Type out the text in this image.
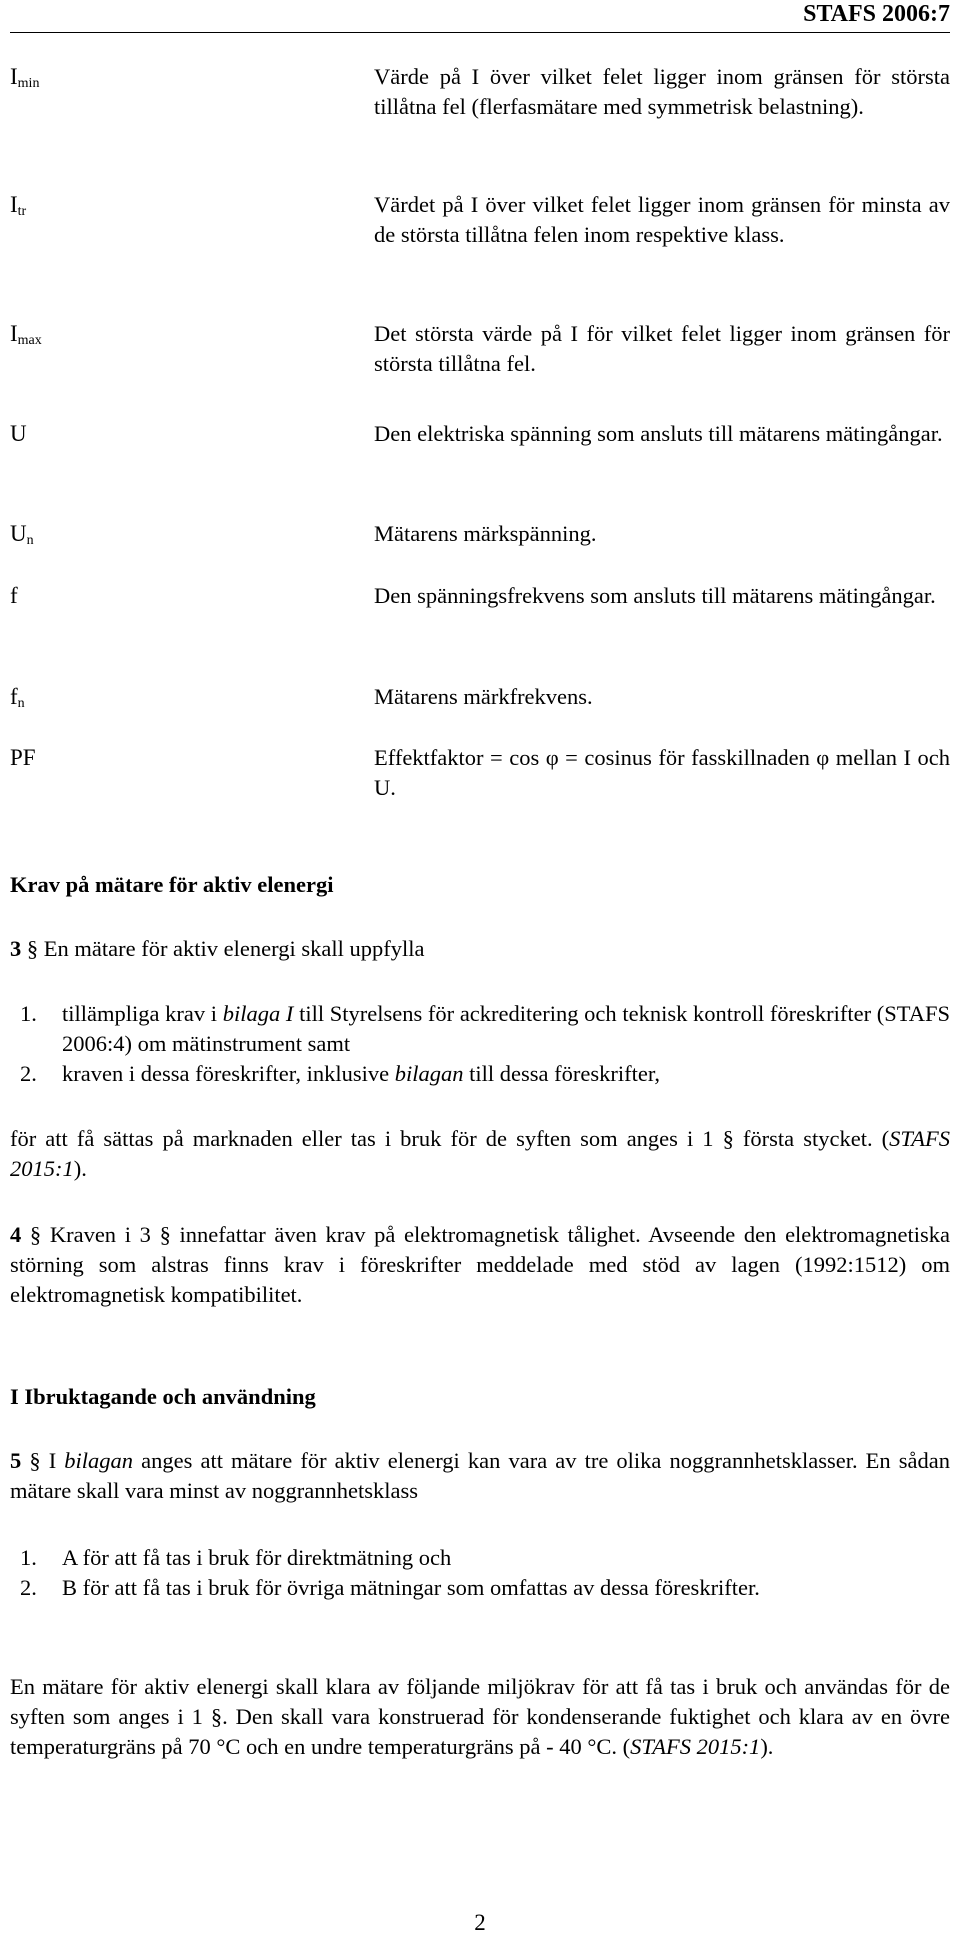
STAFS 2006:7
$I_{min}$	Värde på I över vilket felet ligger inom gränsen för största tillåtna fel (flerfasmätare med symmetrisk belastning).
$I_{tr}$	Värdet på I över vilket felet ligger inom gränsen för minsta av de största tillåtna felen inom respektive klass.
$I_{max}$	Det största värde på I för vilket felet ligger inom gränsen för största tillåtna fel.
U	Den elektriska spänning som ansluts till mätarens mätingångar.
$U_n$	Mätarens märkspänning.
f	Den spänningsfrekvens som ansluts till mätarens mätingångar.
$f_n$	Mätarens märkfrekvens.
PF	Effektfaktor = cos φ = cosinus för fasskillnaden φ mellan I och U.
Krav på mätare för aktiv elenergi
3 § En mätare för aktiv elenergi skall uppfylla
1. tillämpliga krav i bilaga I till Styrelsens för ackreditering och teknisk kontroll föreskrifter (STAFS 2006:4) om mätinstrument samt
2. kraven i dessa föreskrifter, inklusive bilagan till dessa föreskrifter,
för att få sättas på marknaden eller tas i bruk för de syften som anges i 1 § första stycket. (STAFS 2015:1).
4 § Kraven i 3 § innefattar även krav på elektromagnetisk tålighet. Avseende den elektromagnetiska störning som alstras finns krav i föreskrifter meddelade med stöd av lagen (1992:1512) om elektromagnetisk kompatibilitet.
I Ibruktagande och användning
5 § I bilagan anges att mätare för aktiv elenergi kan vara av tre olika noggrannhetsklasser. En sådan mätare skall vara minst av noggrannhetsklass
1. A för att få tas i bruk för direktmätning och
2. B för att få tas i bruk för övriga mätningar som omfattas av dessa föreskrifter.
En mätare för aktiv elenergi skall klara av följande miljökrav för att få tas i bruk och användas för de syften som anges i 1 §. Den skall vara konstruerad för kondenserande fuktighet och klara av en övre temperaturgräns på 70 °C och en undre temperaturgräns på - 40 °C. (STAFS 2015:1).
2
